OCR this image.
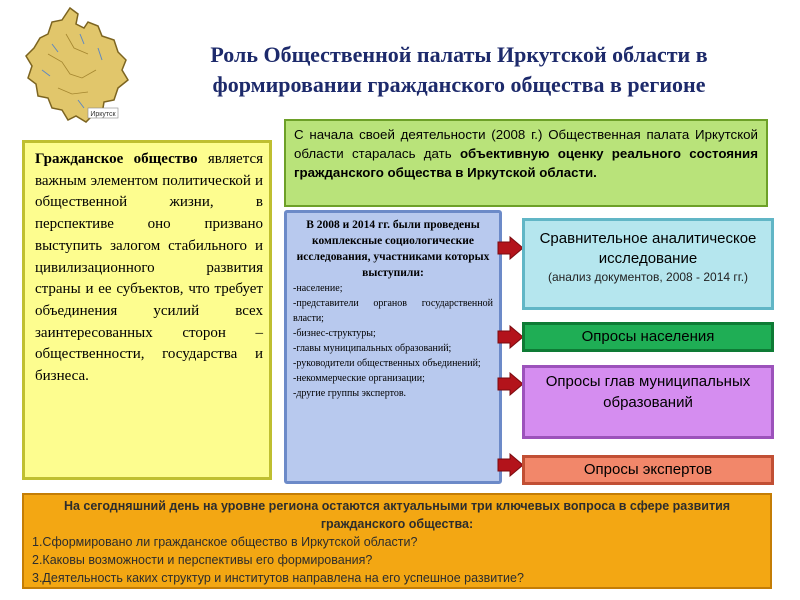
Иркутск
Роль Общественной палаты Иркутской области в формировании гражданского общества в регионе
Гражданское общество является важным элементом политической и общественной жизни, в перспективе оно призвано выступить залогом стабильного и цивилизационного развития страны и ее субъектов, что требует объединения усилий всех заинтересованных сторон – общественности, государства и бизнеса.
С начала своей деятельности (2008 г.) Общественная палата Иркутской области старалась дать объективную оценку реального состояния гражданского общества в Иркутской области.
В 2008 и 2014 гг. были проведены комплексные социологические исследования, участниками которых выступили:
-население;
-представители органов государственной власти;
-бизнес-структуры;
-главы муниципальных образований;
-руководители общественных объединений;
-некоммерческие организации;
-другие группы экспертов.
Сравнительное аналитическое исследование
(анализ документов, 2008 - 2014 гг.)
Опросы населения
Опросы глав муниципальных образований
Опросы экспертов
На сегодняшний день на уровне региона остаются актуальными три ключевых вопроса в сфере развития гражданского общества:
1.Сформировано ли гражданское общество в Иркутской области?
2.Каковы возможности и перспективы его формирования?
3.Деятельность каких структур и институтов направлена на его успешное развитие?
